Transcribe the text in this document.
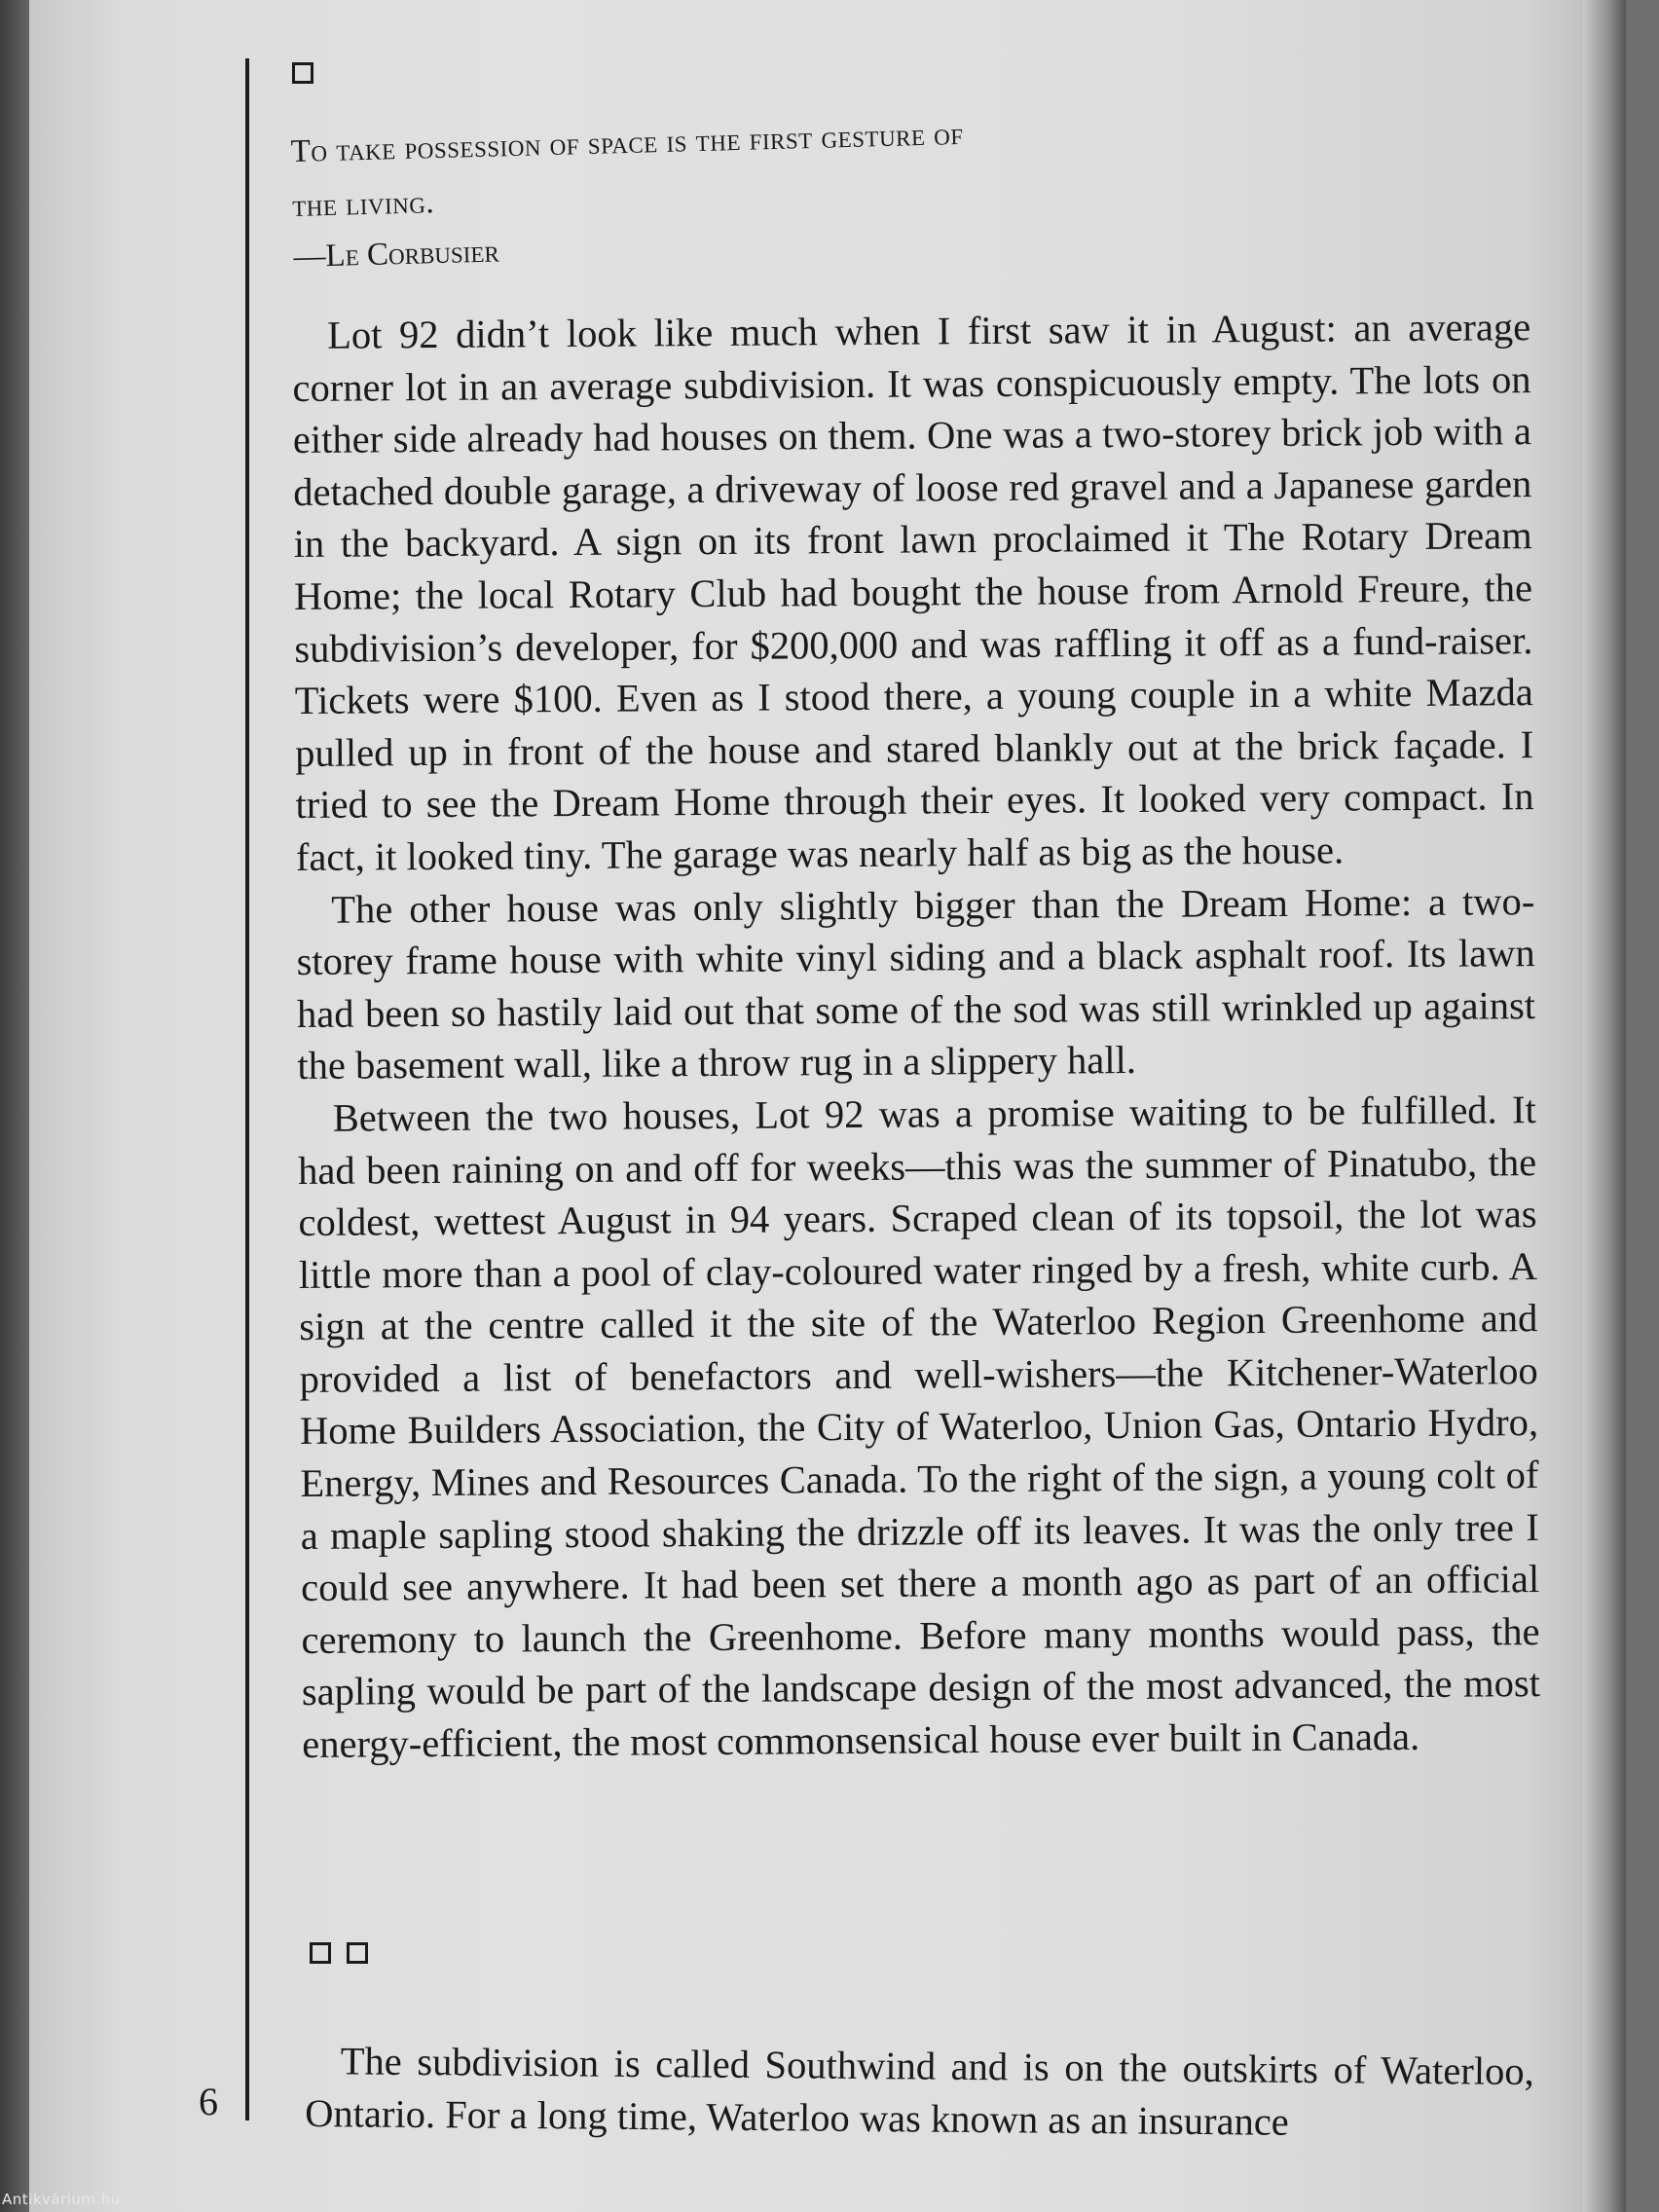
To take possession of space is the first gesture of
the living.
—Le Corbusier

Lot 92 didn’t look like much when I first saw it in August: an average corner lot in an average subdivision. It was conspicuously empty. The lots on either side already had houses on them. One was a two-storey brick job with a detached double garage, a driveway of loose red gravel and a Japanese garden in the backyard. A sign on its front lawn proclaimed it The Rotary Dream Home; the local Rotary Club had bought the house from Arnold Freure, the subdivision’s developer, for $200,000 and was raffling it off as a fund-raiser. Tickets were $100. Even as I stood there, a young couple in a white Mazda pulled up in front of the house and stared blankly out at the brick façade. I tried to see the Dream Home through their eyes. It looked very compact. In fact, it looked tiny. The garage was nearly half as big as the house.

The other house was only slightly bigger than the Dream Home: a two-storey frame house with white vinyl siding and a black asphalt roof. Its lawn had been so hastily laid out that some of the sod was still wrinkled up against the basement wall, like a throw rug in a slippery hall.

Between the two houses, Lot 92 was a promise waiting to be fulfilled. It had been raining on and off for weeks—this was the summer of Pinatubo, the coldest, wettest August in 94 years. Scraped clean of its topsoil, the lot was little more than a pool of clay-coloured water ringed by a fresh, white curb. A sign at the centre called it the site of the Waterloo Region Greenhome and provided a list of benefactors and well-wishers—the Kitchener-Waterloo Home Builders Association, the City of Waterloo, Union Gas, Ontario Hydro, Energy, Mines and Resources Canada. To the right of the sign, a young colt of a maple sapling stood shaking the drizzle off its leaves. It was the only tree I could see anywhere. It had been set there a month ago as part of an official ceremony to launch the Greenhome. Before many months would pass, the sapling would be part of the landscape design of the most advanced, the most energy-efficient, the most commonsensical house ever built in Canada.

The subdivision is called Southwind and is on the outskirts of Waterloo, Ontario. For a long time, Waterloo was known as an insurance

6
Antikvárium.hu
